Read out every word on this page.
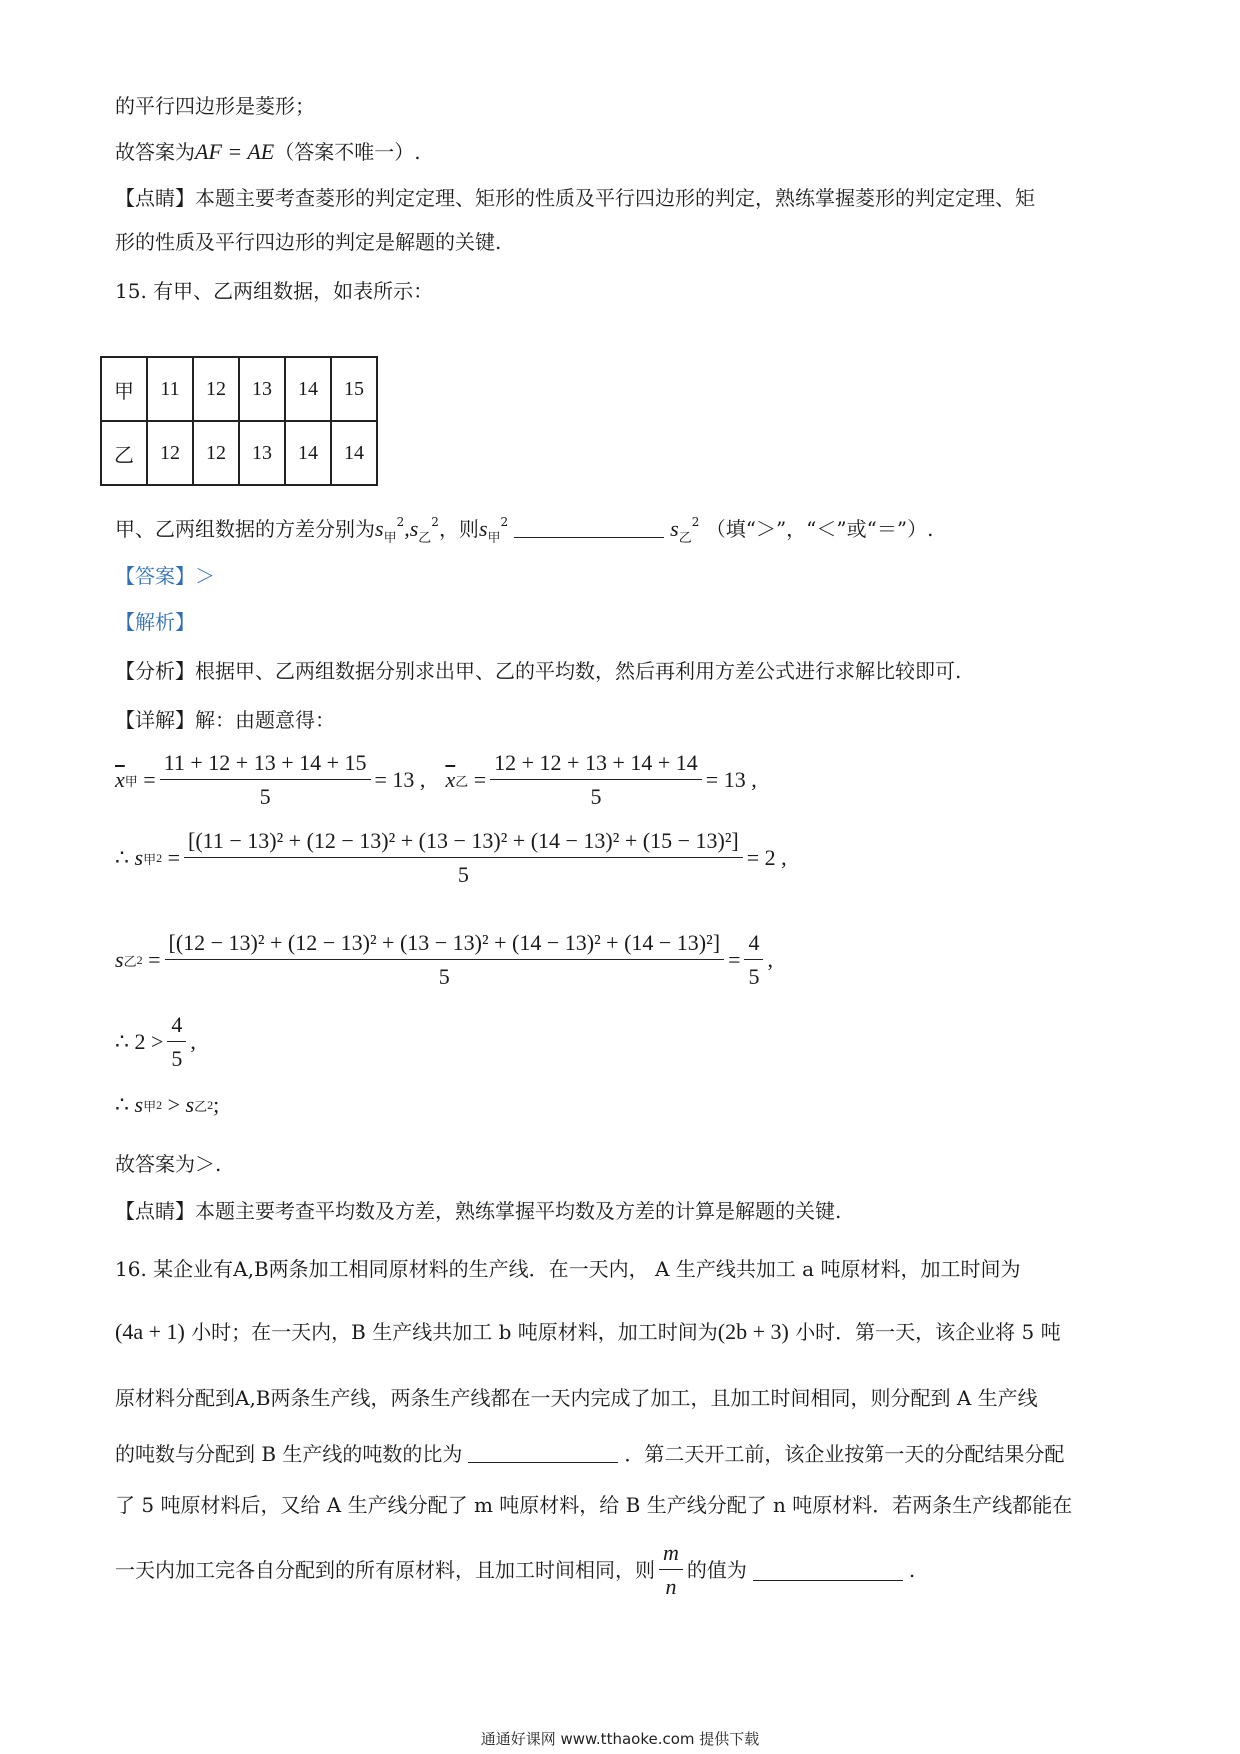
的平行四边形是菱形；
故答案为AF = AE（答案不唯一）.
【点睛】本题主要考查菱形的判定定理、矩形的性质及平行四边形的判定，熟练掌握菱形的判定定理、矩
形的性质及平行四边形的判定是解题的关键.
15. 有甲、乙两组数据，如表所示：
甲	11	12	13	14	15
乙	12	12	13	14	14
甲、乙两组数据的方差分别为$s_甲^2,s_乙^2$，则$s_甲^2$	$s_乙^2$ （填“＞”，“＜”或“＝”）.
【答案】＞
【解析】
【分析】根据甲、乙两组数据分别求出甲、乙的平均数，然后再利用方差公式进行求解比较即可.
【详解】解：由题意得：
$\overline{x}$ 甲 = $\frac{11 + 12 + 13 + 14 + 15}{5} = 13$ , $\overline{x}$ 乙 = $\frac{12 + 12 + 13 + 14 + 14}{5} = 13$ ,
∴
s 甲 2 =
[(11 − 13)² + (12 − 13)² + (13 − 13)² + (14 − 13)² + (15 − 13)²]
5
= 2 ,
s 乙 2 =
[(12 − 13)² + (12 − 13)² + (13 − 13)² + (14 − 13)² + (14 − 13)²]
5
= $\frac{4}{5}$ ,
∴
$2 > \frac{4}{5}$ ,
∴
s 甲 2 > s 乙 2 ;
故答案为＞.
【点睛】本题主要考查平均数及方差，熟练掌握平均数及方差的计算是解题的关键.
16. 某企业有A,B两条加工相同原材料的生产线．在一天内， A 生产线共加工 a 吨原材料，加工时间为
(4a + 1) 小时；在一天内，B 生产线共加工 b 吨原材料，加工时间为(2b + 3) 小时．第一天，该企业将 5 吨
原材料分配到A,B两条生产线，两条生产线都在一天内完成了加工，且加工时间相同，则分配到 A 生产线
的吨数与分配到 B 生产线的吨数的比为	．第二天开工前，该企业按第一天的分配结果分配
了 5 吨原材料后，又给 A 生产线分配了 m 吨原材料，给 B 生产线分配了 n 吨原材料．若两条生产线都能在
一天内加工完各自分配到的所有原材料，且加工时间相同，则 $\frac{m}{n}$ 的值为	.
通通好课网 www.tthaoke.com 提供下载
